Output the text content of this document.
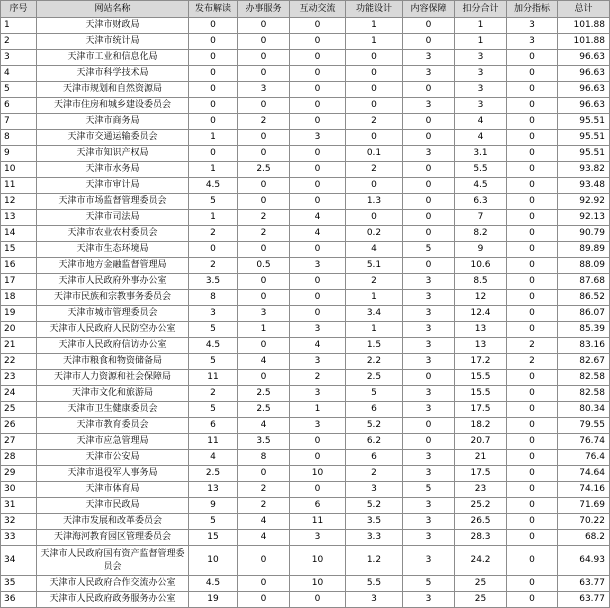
序号	网站名称	发布解读	办事服务	互动交流	功能设计	内容保障	扣分合计	加分指标	总计
1	天津市财政局	0	0	0	1	0	1	3	101.88
2	天津市统计局	0	0	0	1	0	1	3	101.88
3	天津市工业和信息化局	0	0	0	0	3	3	0	96.63
4	天津市科学技术局	0	0	0	0	3	3	0	96.63
5	天津市规划和自然资源局	0	3	0	0	0	3	0	96.63
6	天津市住房和城乡建设委员会	0	0	0	0	3	3	0	96.63
7	天津市商务局	0	2	0	2	0	4	0	95.51
8	天津市交通运输委员会	1	0	3	0	0	4	0	95.51
9	天津市知识产权局	0	0	0	0.1	3	3.1	0	95.51
10	天津市水务局	1	2.5	0	2	0	5.5	0	93.82
11	天津市审计局	4.5	0	0	0	0	4.5	0	93.48
12	天津市市场监督管理委员会	5	0	0	1.3	0	6.3	0	92.92
13	天津市司法局	1	2	4	0	0	7	0	92.13
14	天津市农业农村委员会	2	2	4	0.2	0	8.2	0	90.79
15	天津市生态环境局	0	0	0	4	5	9	0	89.89
16	天津市地方金融监督管理局	2	0.5	3	5.1	0	10.6	0	88.09
17	天津市人民政府外事办公室	3.5	0	0	2	3	8.5	0	87.68
18	天津市民族和宗教事务委员会	8	0	0	1	3	12	0	86.52
19	天津市城市管理委员会	3	3	0	3.4	3	12.4	0	86.07
20	天津市人民政府人民防空办公室	5	1	3	1	3	13	0	85.39
21	天津市人民政府信访办公室	4.5	0	4	1.5	3	13	2	83.16
22	天津市粮食和物资储备局	5	4	3	2.2	3	17.2	2	82.67
23	天津市人力资源和社会保障局	11	0	2	2.5	0	15.5	0	82.58
24	天津市文化和旅游局	2	2.5	3	5	3	15.5	0	82.58
25	天津市卫生健康委员会	5	2.5	1	6	3	17.5	0	80.34
26	天津市教育委员会	6	4	3	5.2	0	18.2	0	79.55
27	天津市应急管理局	11	3.5	0	6.2	0	20.7	0	76.74
28	天津市公安局	4	8	0	6	3	21	0	76.4
29	天津市退役军人事务局	2.5	0	10	2	3	17.5	0	74.64
30	天津市体育局	13	2	0	3	5	23	0	74.16
31	天津市民政局	9	2	6	5.2	3	25.2	0	71.69
32	天津市发展和改革委员会	5	4	11	3.5	3	26.5	0	70.22
33	天津海河教育园区管理委员会	15	4	3	3.3	3	28.3	0	68.2
34	天津市人民政府国有资产监督管理委员会	10	0	10	1.2	3	24.2	0	64.93
35	天津市人民政府合作交流办公室	4.5	0	10	5.5	5	25	0	63.77
36	天津市人民政府政务服务办公室	19	0	0	3	3	25	0	63.77
